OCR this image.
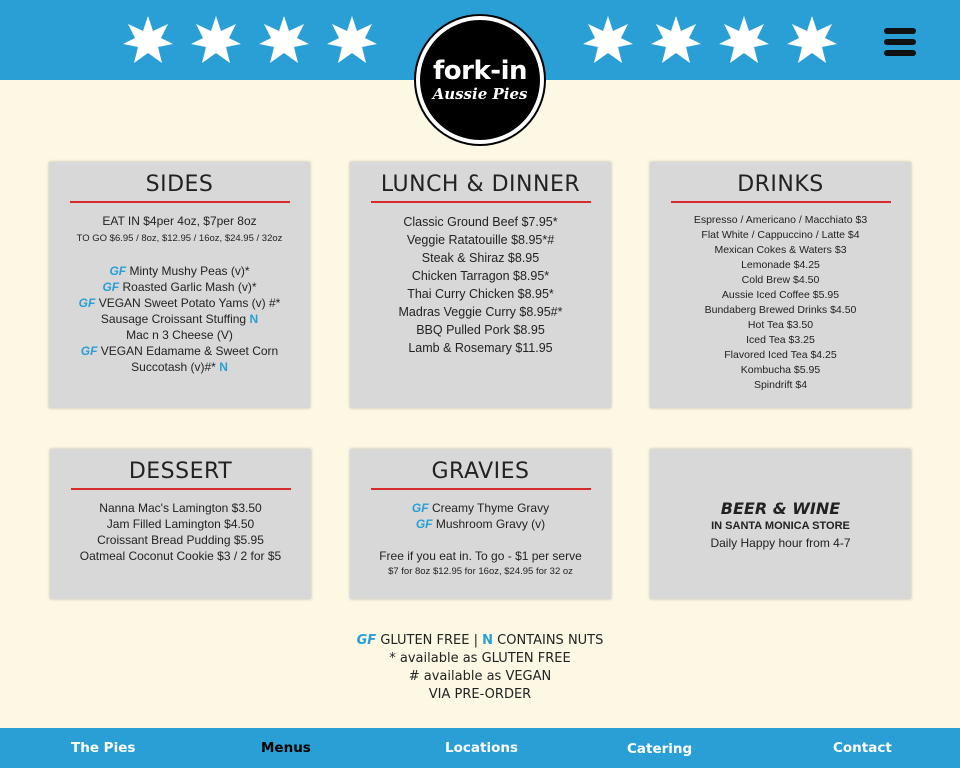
fork-in
Aussie Pies
SIDES
EAT IN $4per 4oz, $7per 8oz
TO GO $6.95 / 8oz, $12.95 / 16oz, $24.95 / 32oz
GF Minty Mushy Peas (v)*
GF Roasted Garlic Mash (v)*
GF VEGAN Sweet Potato Yams (v) #*
Sausage Croissant Stuffing N
Mac n 3 Cheese (V)
GF VEGAN Edamame & Sweet Corn
Succotash (v)#* N
LUNCH & DINNER
Classic Ground Beef $7.95*
Veggie Ratatouille $8.95*#
Steak & Shiraz $8.95
Chicken Tarragon $8.95*
Thai Curry Chicken $8.95*
Madras Veggie Curry $8.95#*
BBQ Pulled Pork $8.95
Lamb & Rosemary $11.95
DRINKS
Espresso / Americano / Macchiato $3
Flat White / Cappuccino / Latte $4
Mexican Cokes & Waters $3
Lemonade $4.25
Cold Brew $4.50
Aussie Iced Coffee $5.95
Bundaberg Brewed Drinks $4.50
Hot Tea $3.50
Iced Tea $3.25
Flavored Iced Tea $4.25
Kombucha $5.95
Spindrift $4
DESSERT
Nanna Mac's Lamington $3.50
Jam Filled Lamington $4.50
Croissant Bread Pudding $5.95
Oatmeal Coconut Cookie $3 / 2 for $5
GRAVIES
GF Creamy Thyme Gravy
GF Mushroom Gravy (v)
Free if you eat in. To go - $1 per serve
$7 for 8oz $12.95 for 16oz, $24.95 for 32 oz
BEER & WINE
IN SANTA MONICA STORE
Daily Happy hour from 4-7
GF GLUTEN FREE | N CONTAINS NUTS
* available as GLUTEN FREE
# available as VEGAN
VIA PRE-ORDER
The Pies	Menus	Locations	Catering	Contact
